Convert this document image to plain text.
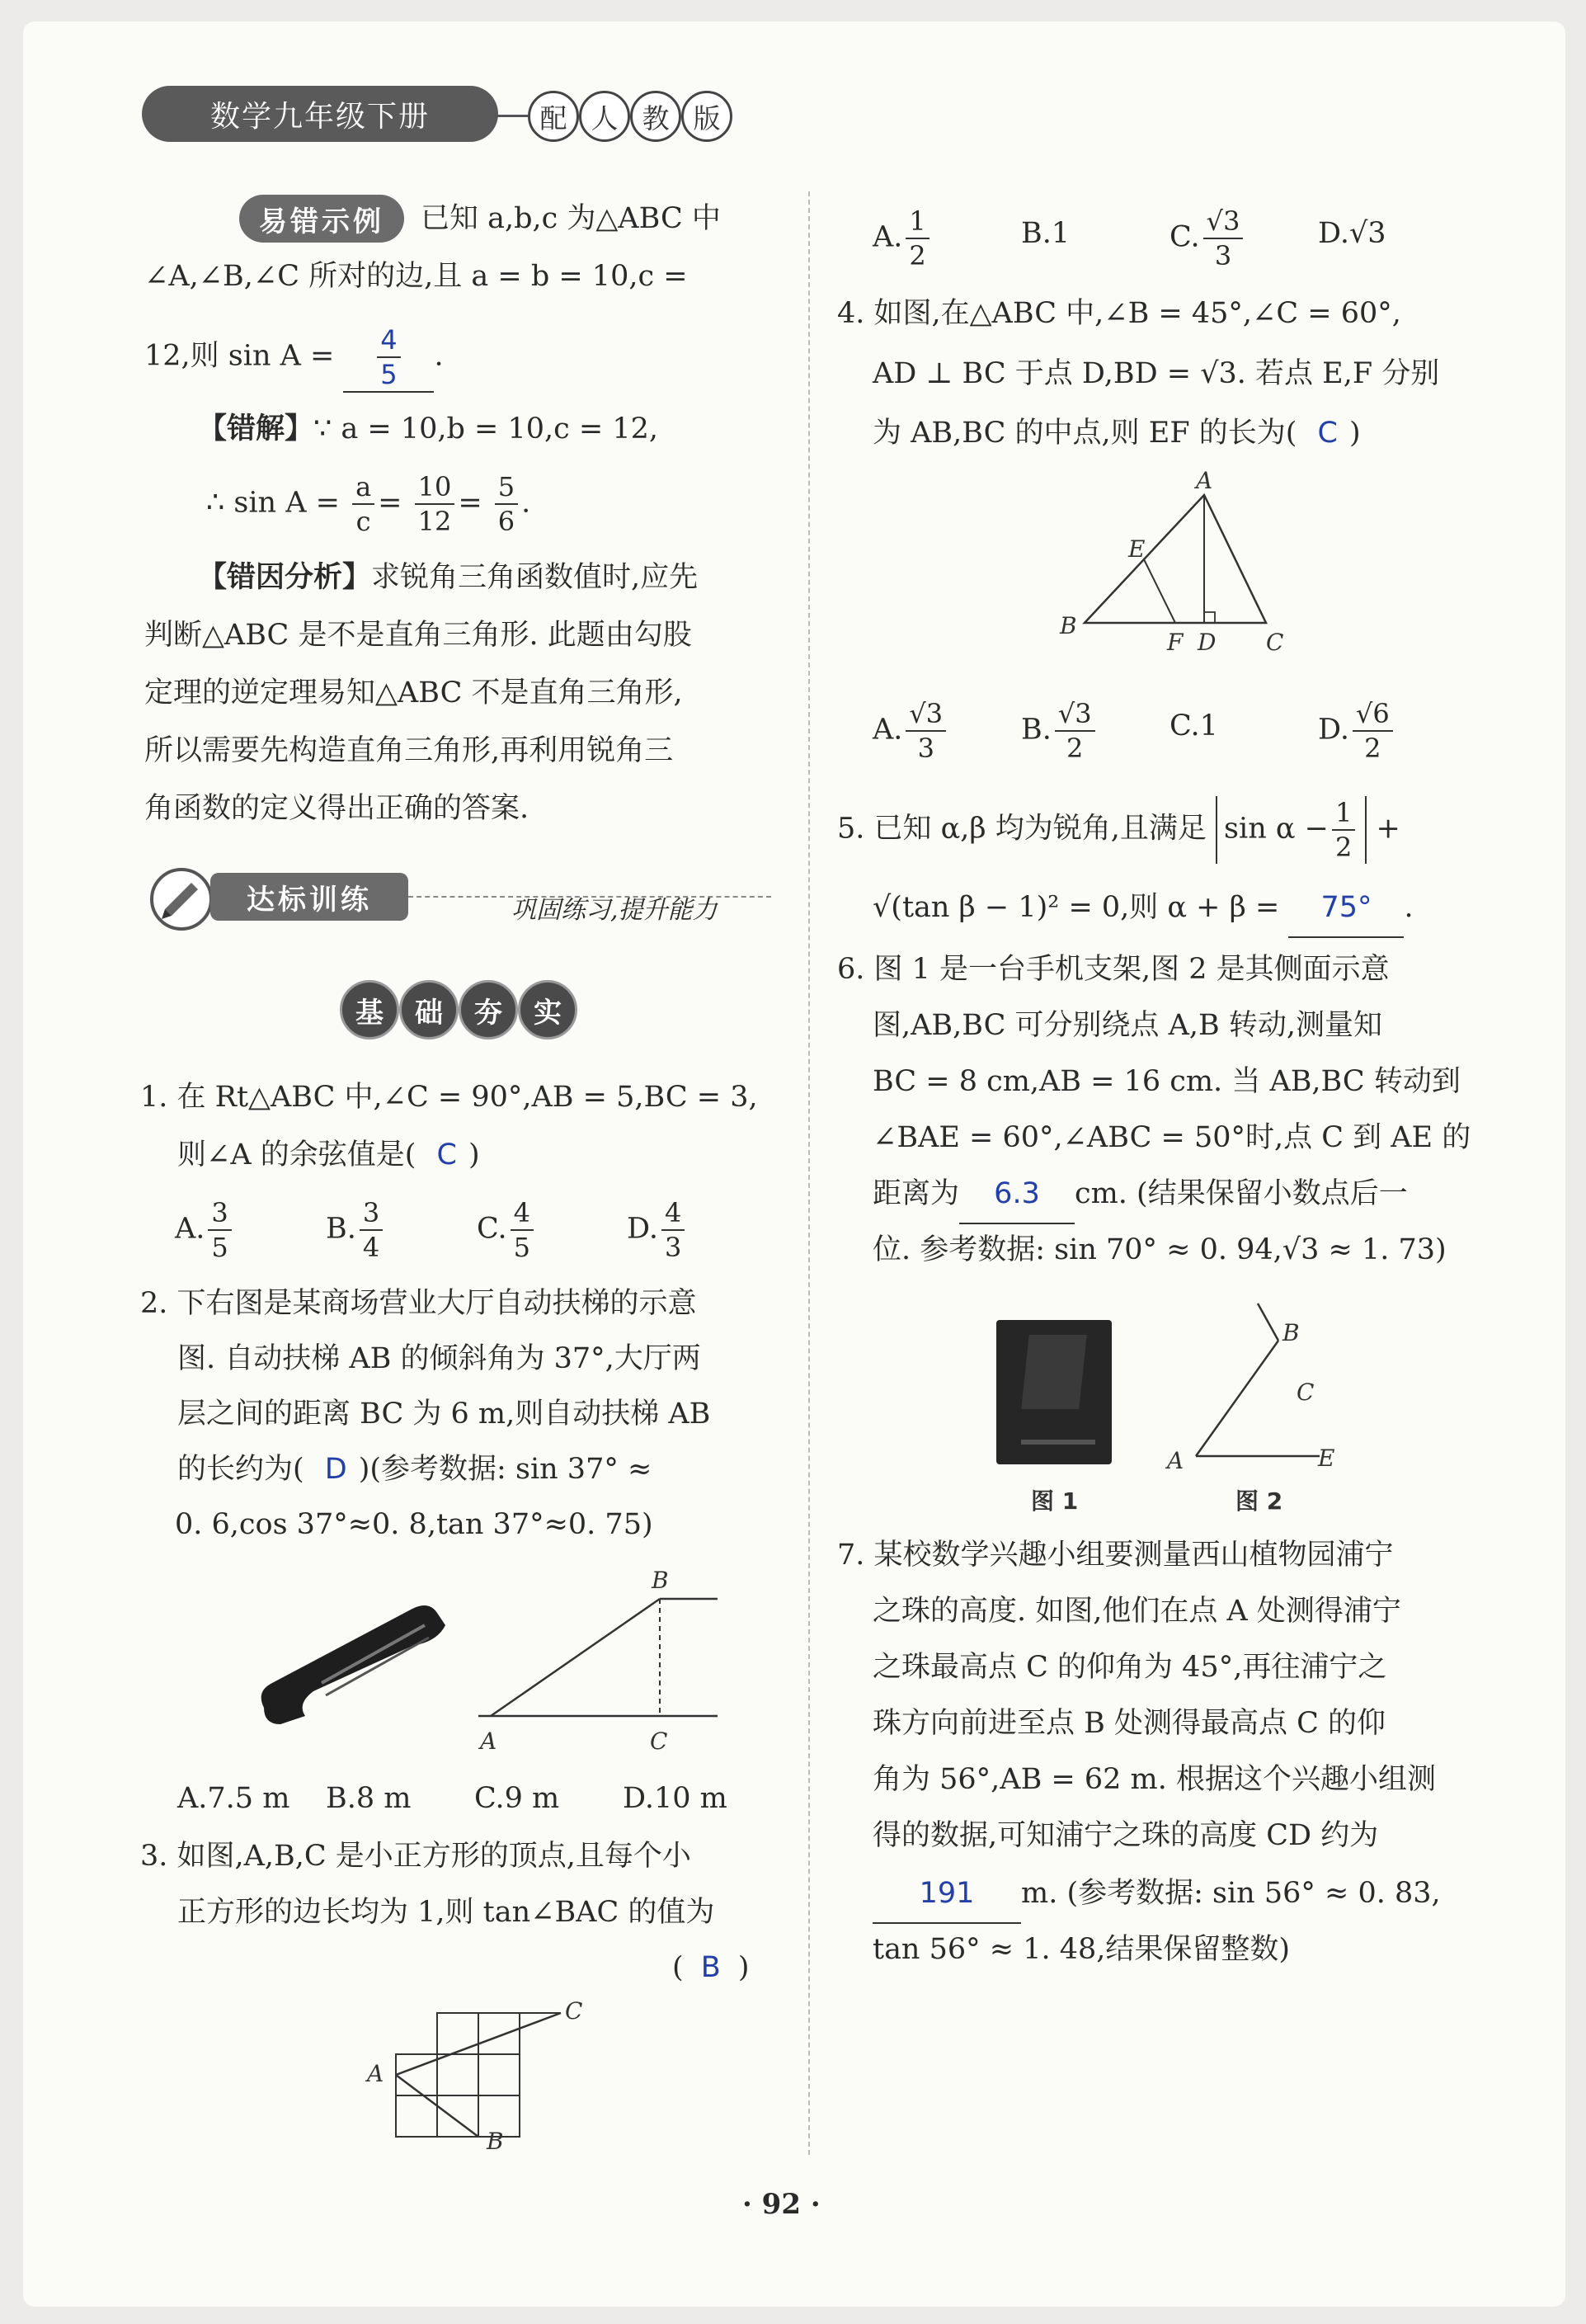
数学九年级下册	配 人 教 版
易错示例 已知 a,b,c 为△ABC 中
∠A,∠B,∠C 所对的边,且 a = b = 10,c =
12,则 $\sin A = \frac{4}{5}$ .
【错解】∵ a = 10,b = 10,c = 12,
∴ $\sin A = \frac{a}{c} = \frac{10}{12} = \frac{5}{6}$ .
【错因分析】求锐角三角函数值时,应先
判断△ABC 是不是直角三角形. 此题由勾股
定理的逆定理易知△ABC 不是直角三角形,
所以需要先构造直角三角形,再利用锐角三
角函数的定义得出正确的答案.
达标训练	巩固练习,提升能力
基	础	夯	实
1. 在 Rt△ABC 中,∠C = 90°,AB = 5,BC = 3,
则∠A 的余弦值是( C )
A. $\frac{3}{5}$	B. $\frac{3}{4}$	C. $\frac{4}{5}$	D. $\frac{4}{3}$
2. 下右图是某商场营业大厅自动扶梯的示意
图. 自动扶梯 AB 的倾斜角为 37°,大厅两
层之间的距离 BC 为 6 m,则自动扶梯 AB
的长约为( D )(参考数据: sin 37° ≈
0. 6,cos 37°≈0. 8,tan 37°≈0. 75)
A
B
C
A.7.5 m B.8 m C.9 m D.10 m
3. 如图,A,B,C 是小正方形的顶点,且每个小
正方形的边长均为 1,则 tan∠BAC 的值为
( B )
A
C
B
A. $\frac{1}{2}$	B.1	C. $\frac{√3}{3}$	D.√3
4. 如图,在△ABC 中,∠B = 45°,∠C = 60°,
AD ⊥ BC 于点 D,BD = √3. 若点 E,F 分别
为 AB,BC 的中点,则 EF 的长为( C )
A
E
B
F D C
A. $\frac{√3}{3}$	B. $\frac{√3}{2}$	C.1	D. $\frac{√6}{2}$
5. 已知 α,β 均为锐角,且满足 $\sin \alpha - \frac{1}{2}$ +
√(tan β − 1)² = 0,则 α + β = 75° .
6. 图 1 是一台手机支架,图 2 是其侧面示意
图,AB,BC 可分别绕点 A,B 转动,测量知
BC = 8 cm,AB = 16 cm. 当 AB,BC 转动到
∠BAE = 60°,∠ABC = 50°时,点 C 到 AE 的
距离为 6.3 cm. (结果保留小数点后一
位. 参考数据: sin 70° ≈ 0. 94,√3 ≈ 1. 73)
A
B
C
E
图 1	图 2
7. 某校数学兴趣小组要测量西山植物园浦宁
之珠的高度. 如图,他们在点 A 处测得浦宁
之珠最高点 C 的仰角为 45°,再往浦宁之
珠方向前进至点 B 处测得最高点 C 的仰
角为 56°,AB = 62 m. 根据这个兴趣小组测
得的数据,可知浦宁之珠的高度 CD 约为
191 m. (参考数据: sin 56° ≈ 0. 83,
tan 56° ≈ 1. 48,结果保留整数)
· 92 ·
